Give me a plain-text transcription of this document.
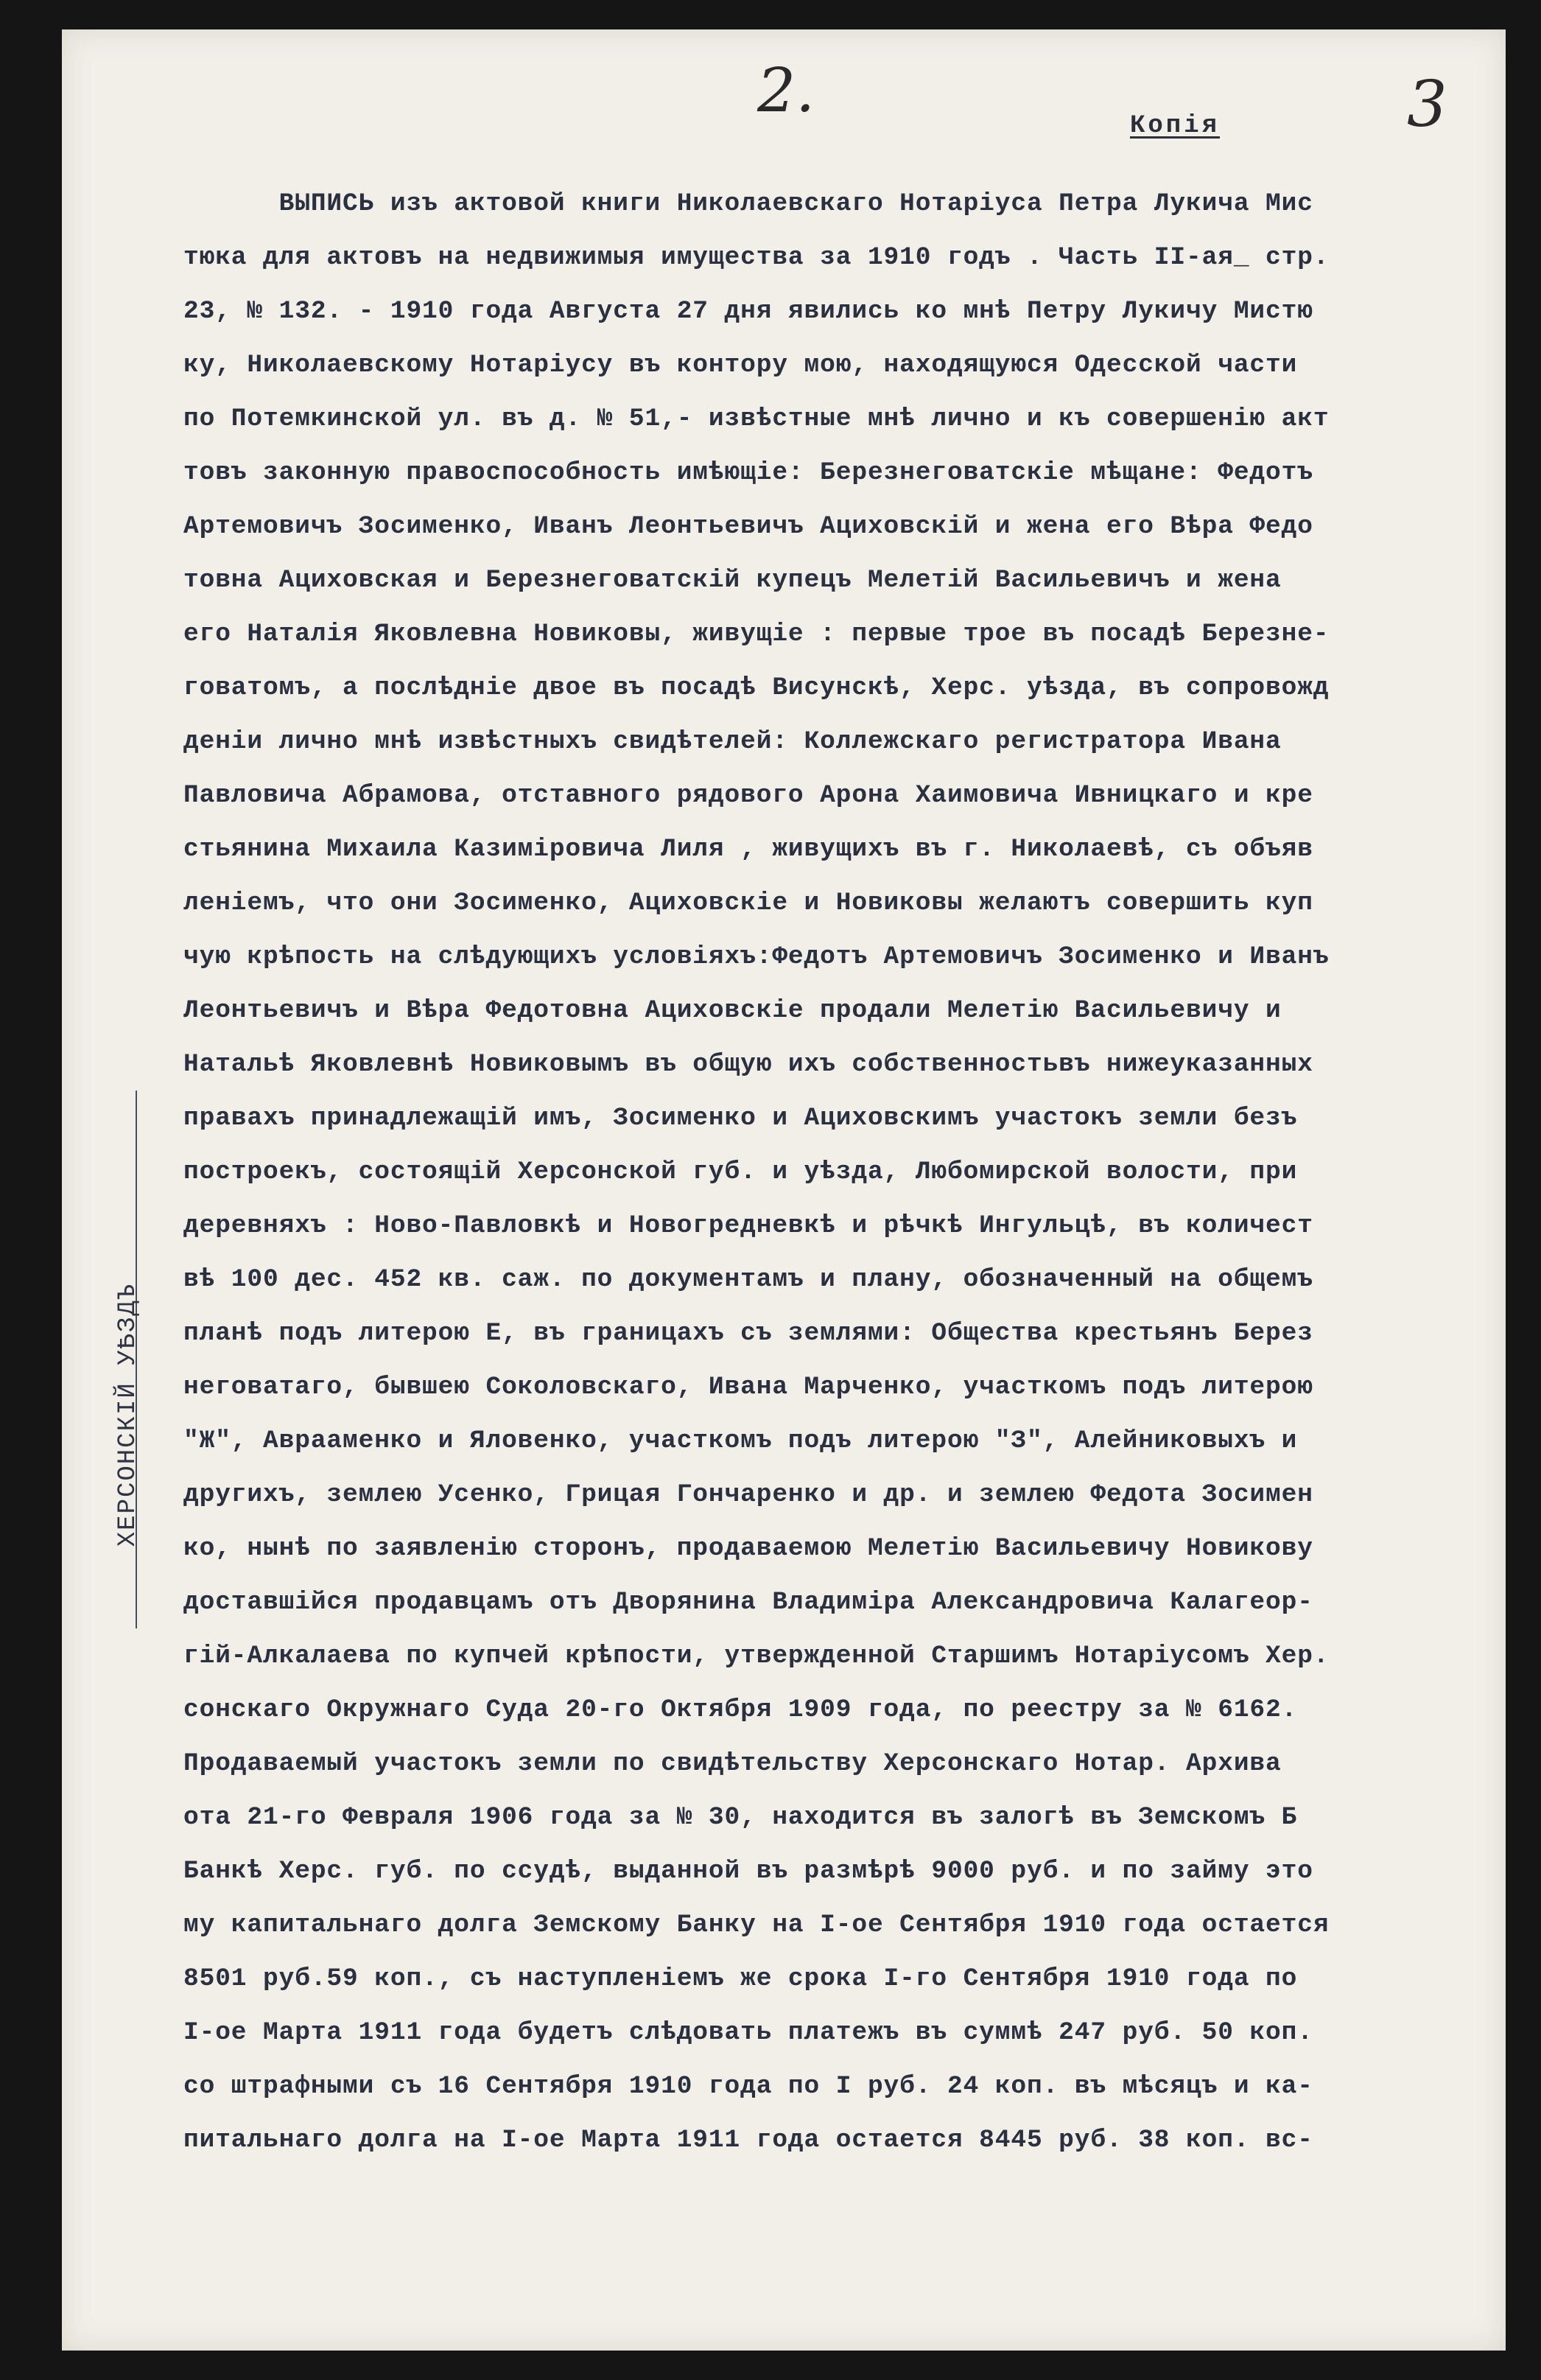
2.	3
Копія
ХЕРСОНСКІЙ УѢЗДЪ
ВЫПИСЬ изъ актовой книги Николаевскаго Нотаріуса Петра Лукича Мис
тюка для актовъ на недвижимыя имущества за 1910 годъ . Часть II-ая_ стр.
23, № 132. - 1910 года Августа 27 дня явились ко мнѣ Петру Лукичу Мистю
ку, Николаевскому Нотаріусу въ контору мою, находящуюся Одесской части
по Потемкинской ул. въ д. № 51,- извѣстные мнѣ лично и къ совершенію акт
товъ законную правоспособность имѣющіе: Березнеговатскіе мѣщане: Федотъ
Артемовичъ Зосименко, Иванъ Леонтьевичъ Ациховскій и жена его Вѣра Федо
товна Ациховская и Березнеговатскій купецъ Мелетій Васильевичъ и жена
его Наталія Яковлевна Новиковы, живущіе : первые трое въ посадѣ Березне-
говатомъ, а послѣдніе двое въ посадѣ Висунскѣ, Херс. уѣзда, въ сопровожд
деніи лично мнѣ извѣстныхъ свидѣтелей: Коллежскаго регистратора Ивана
Павловича Абрамова, отставного рядового Арона Хаимовича Ивницкаго и кре
стьянина Михаила Казиміровича Лиля , живущихъ въ г. Николаевѣ, съ объяв
леніемъ, что они Зосименко, Ациховскіе и Новиковы желаютъ совершить куп
чую крѣпость на слѣдующихъ условіяхъ:Федотъ Артемовичъ Зосименко и Иванъ
Леонтьевичъ и Вѣра Федотовна Ациховскіе продали Мелетію Васильевичу и
Натальѣ Яковлевнѣ Новиковымъ въ общую ихъ собственностьвъ нижеуказанных
правахъ принадлежащій имъ, Зосименко и Ациховскимъ участокъ земли безъ
построекъ, состоящій Херсонской губ. и уѣзда, Любомирской волости, при
деревняхъ : Ново-Павловкѣ и Новогредневкѣ и рѣчкѣ Ингульцѣ, въ количест
вѣ 100 дес. 452 кв. саж. по документамъ и плану, обозначенный на общемъ
планѣ подъ литерою Е, въ границахъ съ землями: Общества крестьянъ Берез
неговатаго, бывшею Соколовскаго, Ивана Марченко, участкомъ подъ литерою
"Ж", Авраамeнко и Яловенко, участкомъ подъ литерою "З", Алейниковыхъ и
другихъ, землею Усенко, Грицая Гончаренко и др. и землею Федота Зосимен
ко, нынѣ по заявленію сторонъ, продаваемою Мелетію Васильевичу Новикову
доставшійся продавцамъ отъ Дворянина Владиміра Александровича Калагеор-
гій-Алкалаева по купчей крѣпости, утвержденной Старшимъ Нотаріусомъ Хер.
сонскаго Окружнаго Суда 20-го Октября 1909 года, по реестру за № 6162.
Продаваемый участокъ земли по свидѣтельству Херсонскаго Нотар. Архива
ота 21-го Февраля 1906 года за № 30, находится въ залогѣ въ Земскомъ Б
Банкѣ Херс. губ. по ссудѣ, выданной въ размѣрѣ 9000 руб. и по займу это
му капитальнаго долга Земскому Банку на I-ое Сентября 1910 года остается
8501 руб.59 коп., съ наступленіемъ же срока I-го Сентября 1910 года по
I-ое Марта 1911 года будетъ слѣдовать платежъ въ суммѣ 247 руб. 50 коп.
со штрафными съ 16 Сентября 1910 года по I руб. 24 коп. въ мѣсяцъ и ка-
питальнаго долга на I-ое Марта 1911 года остается 8445 руб. 38 коп. вс-
